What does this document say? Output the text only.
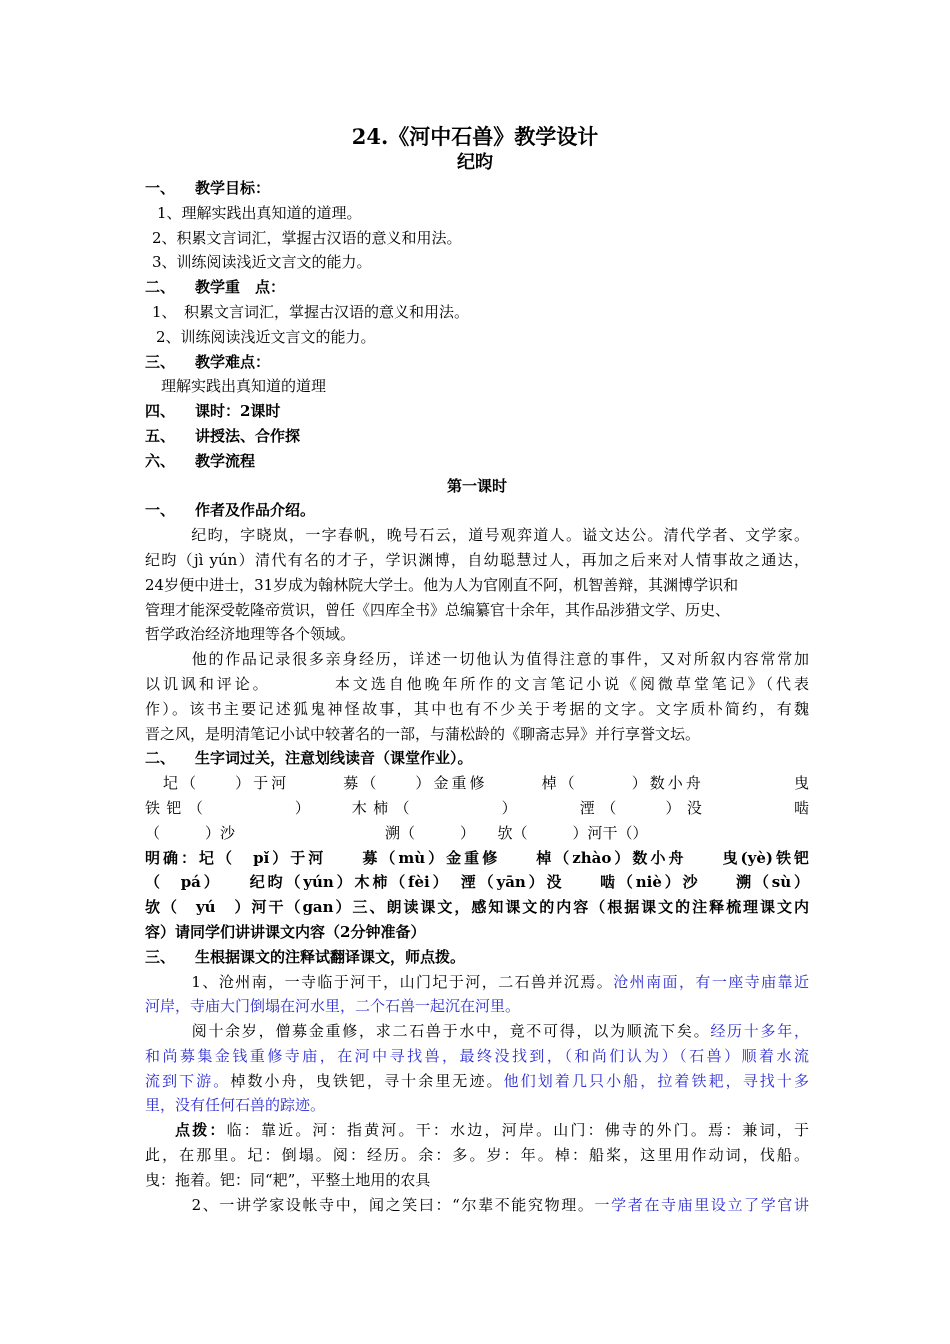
24.《河中石兽》教学设计
纪昀
一、 教学目标：
1、理解实践出真知道的道理。
2、积累文言词汇，掌握古汉语的意义和用法。
3、训练阅读浅近文言文的能力。
二、 教学重　点：
1、　积累文言词汇，掌握古汉语的意义和用法。
2、训练阅读浅近文言文的能力。
三、 教学难点：
理解实践出真知道的道理
四、 课时：2课时
五、 讲授法、合作探
六、 教学流程
第一课时
一、 作者及作品介绍。
　纪昀，字晓岚，一字春帆，晚号石云，道号观弈道人。谥文达公。清代学者、文学家。
纪昀（jì yún）清代有名的才子，学识渊博，自幼聪慧过人，再加之后来对人情事故之通达，
24岁便中进士，31岁成为翰林院大学士。他为人为官刚直不阿，机智善辩，其渊博学识和
管理才能深受乾隆帝赏识，曾任《四库全书》总编纂官十余年，其作品涉猎文学、历史、
哲学政治经济地理等各个领域。
　他的作品记录很多亲身经历，详述一切他认为值得注意的事件，又对所叙内容常常加
以讥讽和评论。　　　　本文选自他晚年所作的文言笔记小说《阅微草堂笔记》（代表
作）。该书主要记述狐鬼神怪故事，其中也有不少关于考据的文字。文字质朴简约，有魏
晋之风，是明清笔记小试中较著名的一部，与蒲松龄的《聊斋志异》并行享誉文坛。
二、 生字词过关，注意划线读音（课堂作业）。
　圮（　　）于河　　　募（　　）金重修　　　棹（　　　）数小舟　　　　　曳
铁钯（　　　　）　　木柿（　　　　）　　　湮（　　）没　　　　啮
（　　　）沙　　　　　　　　　　溯（　　　）　　欤（　　　）河干（）
明确：圮（　pǐ）于河　　募（mù）金重修　　棹（zhào）数小舟　　曳(yè)铁钯
（　pá）　　纪昀（yún）木柿（fèi）　湮（yān）没　　啮（niè）沙　　溯（sù）
欤（　yú　）河干（gan）三、朗读课文，感知课文的内容（根据课文的注释梳理课文内
容）请同学们讲讲课文内容（2分钟准备）
三、 生根据课文的注释试翻译课文，师点拨。
　1、沧州南，一寺临于河干，山门圮于河，二石兽并沉焉。沧州南面，有一座寺庙靠近
河岸，寺庙大门倒塌在河水里，二个石兽一起沉在河里。
　阅十余岁，僧募金重修，求二石兽于水中，竟不可得，以为顺流下矣。经历十多年，
和尚募集金钱重修寺庙，在河中寻找兽，最终没找到，（和尚们认为）（石兽）顺着水流
流到下游。棹数小舟，曳铁钯，寻十余里无迹。他们划着几只小船，拉着铁耙，寻找十多
里，没有任何石兽的踪迹。
点拨：临：靠近。河：指黄河。干：水边，河岸。山门：佛寺的外门。焉：兼词，于
此，在那里。圮：倒塌。阅：经历。余：多。岁：年。棹：船桨，这里用作动词，伐船。
曳：拖着。钯：同“耙”，平整土地用的农具
　2、一讲学家设帐寺中，闻之笑曰：“尔辈不能究物理。一学者在寺庙里设立了学官讲
